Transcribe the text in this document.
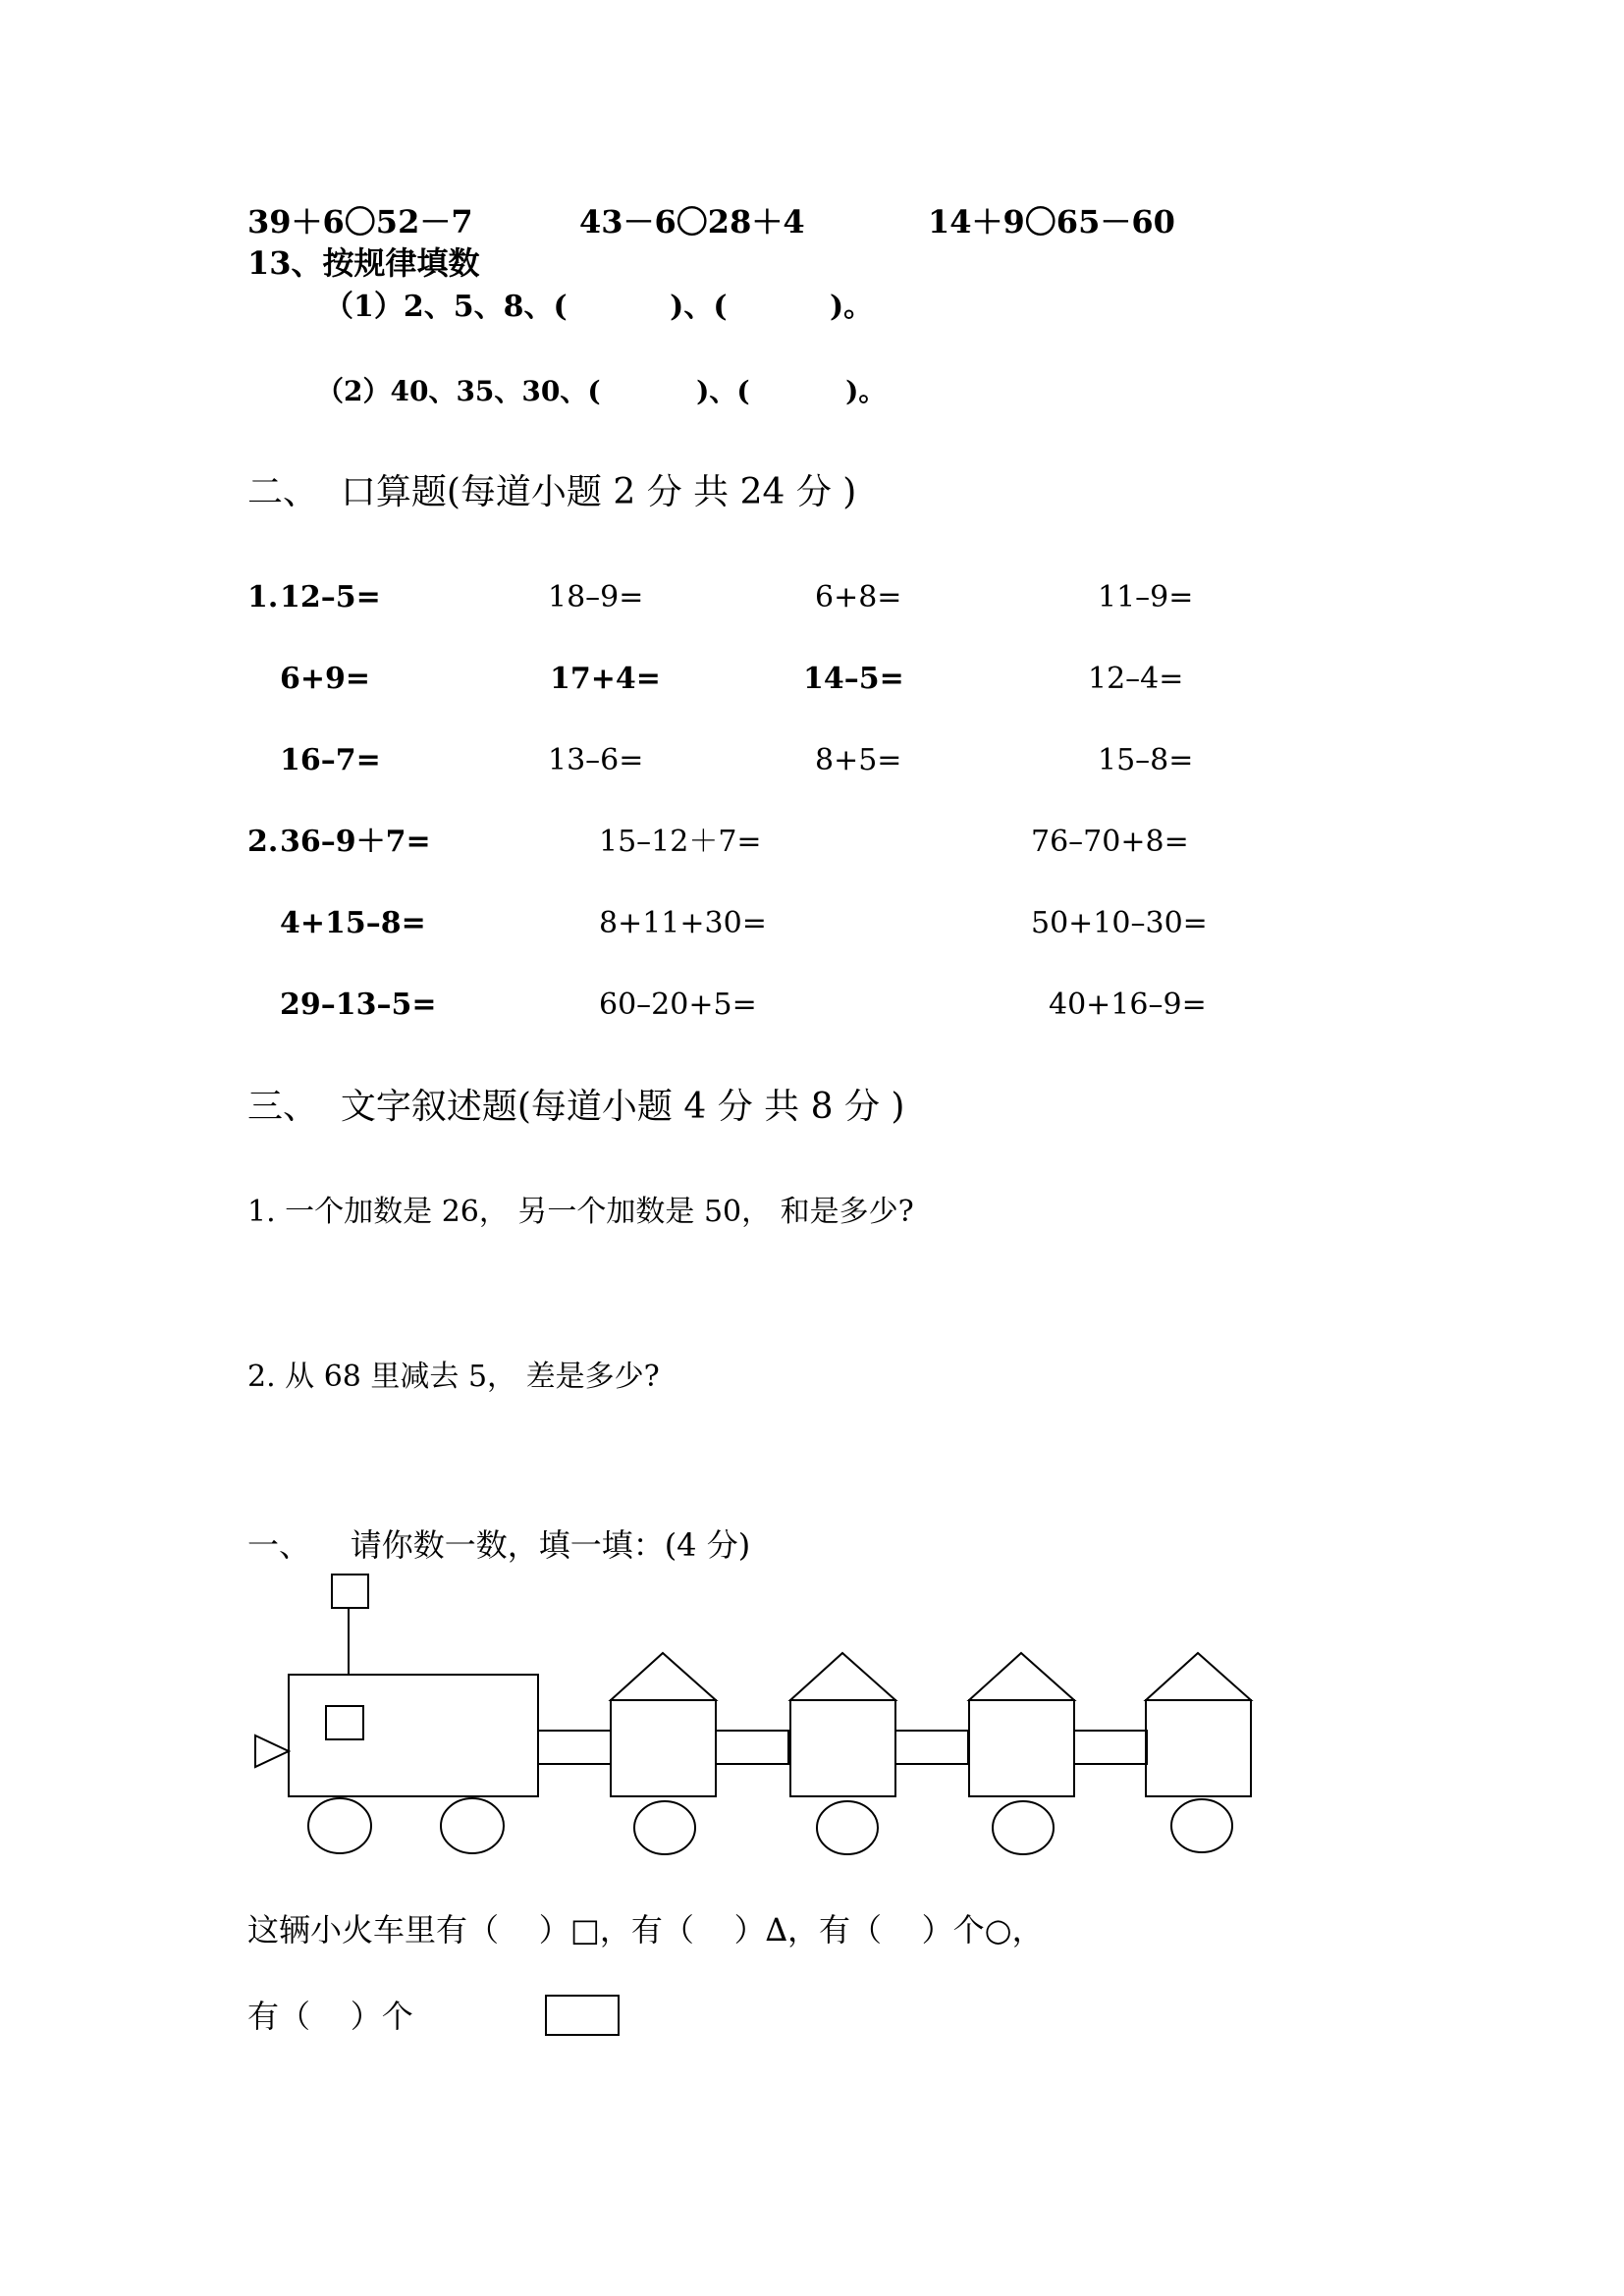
39＋6〇52－7	43－6〇28＋4	14＋9〇65－60
13、按规律填数
（1）2、5、8、(          )、(          )。
（2）40、35、30、(          )、(          )。
二、  口算题(每道小题 2 分 共 24 分 )
1. 12–5=	18–9=	6+8=	11–9=
6+9=	17+4=	14–5=	12–4=
16–7=	13–6=	8+5=	15–8=
2. 36–9＋7=	15–12＋7=	76–70+8=
4+15–8=	8+11+30=	50+10–30=
29–13–5=	60–20+5=	40+16–9=
三、  文字叙述题(每道小题 4 分 共 8 分 )
1. 一个加数是 26， 另一个加数是 50， 和是多少?
2. 从 68 里减去 5， 差是多少?
一、    请你数一数，填一填：(4 分)
这辆小火车里有（    ）□，有（    ）∆，有（    ）个○，
有（    ）个
